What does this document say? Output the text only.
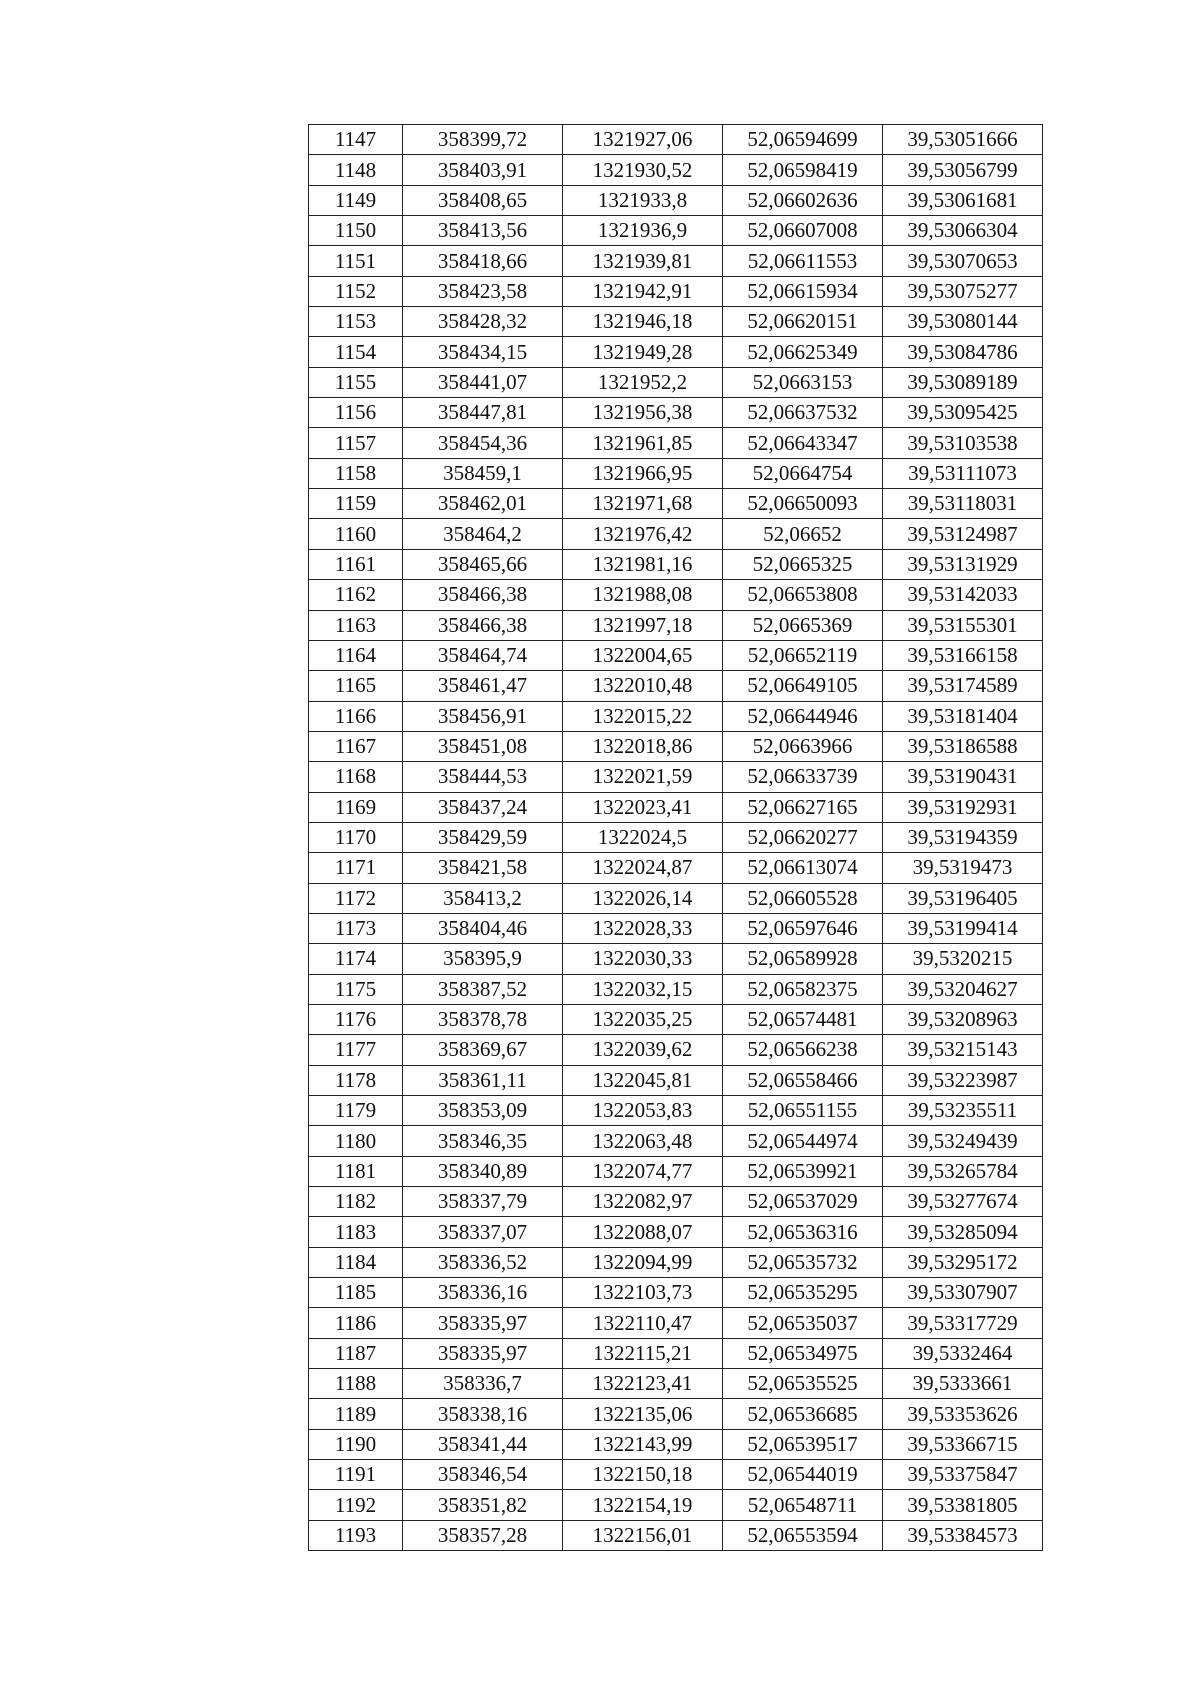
1147	358399,72	1321927,06	52,06594699	39,53051666
1148	358403,91	1321930,52	52,06598419	39,53056799
1149	358408,65	1321933,8	52,06602636	39,53061681
1150	358413,56	1321936,9	52,06607008	39,53066304
1151	358418,66	1321939,81	52,06611553	39,53070653
1152	358423,58	1321942,91	52,06615934	39,53075277
1153	358428,32	1321946,18	52,06620151	39,53080144
1154	358434,15	1321949,28	52,06625349	39,53084786
1155	358441,07	1321952,2	52,0663153	39,53089189
1156	358447,81	1321956,38	52,06637532	39,53095425
1157	358454,36	1321961,85	52,06643347	39,53103538
1158	358459,1	1321966,95	52,0664754	39,53111073
1159	358462,01	1321971,68	52,06650093	39,53118031
1160	358464,2	1321976,42	52,06652	39,53124987
1161	358465,66	1321981,16	52,0665325	39,53131929
1162	358466,38	1321988,08	52,06653808	39,53142033
1163	358466,38	1321997,18	52,0665369	39,53155301
1164	358464,74	1322004,65	52,06652119	39,53166158
1165	358461,47	1322010,48	52,06649105	39,53174589
1166	358456,91	1322015,22	52,06644946	39,53181404
1167	358451,08	1322018,86	52,0663966	39,53186588
1168	358444,53	1322021,59	52,06633739	39,53190431
1169	358437,24	1322023,41	52,06627165	39,53192931
1170	358429,59	1322024,5	52,06620277	39,53194359
1171	358421,58	1322024,87	52,06613074	39,5319473
1172	358413,2	1322026,14	52,06605528	39,53196405
1173	358404,46	1322028,33	52,06597646	39,53199414
1174	358395,9	1322030,33	52,06589928	39,5320215
1175	358387,52	1322032,15	52,06582375	39,53204627
1176	358378,78	1322035,25	52,06574481	39,53208963
1177	358369,67	1322039,62	52,06566238	39,53215143
1178	358361,11	1322045,81	52,06558466	39,53223987
1179	358353,09	1322053,83	52,06551155	39,53235511
1180	358346,35	1322063,48	52,06544974	39,53249439
1181	358340,89	1322074,77	52,06539921	39,53265784
1182	358337,79	1322082,97	52,06537029	39,53277674
1183	358337,07	1322088,07	52,06536316	39,53285094
1184	358336,52	1322094,99	52,06535732	39,53295172
1185	358336,16	1322103,73	52,06535295	39,53307907
1186	358335,97	1322110,47	52,06535037	39,53317729
1187	358335,97	1322115,21	52,06534975	39,5332464
1188	358336,7	1322123,41	52,06535525	39,5333661
1189	358338,16	1322135,06	52,06536685	39,53353626
1190	358341,44	1322143,99	52,06539517	39,53366715
1191	358346,54	1322150,18	52,06544019	39,53375847
1192	358351,82	1322154,19	52,06548711	39,53381805
1193	358357,28	1322156,01	52,06553594	39,53384573
